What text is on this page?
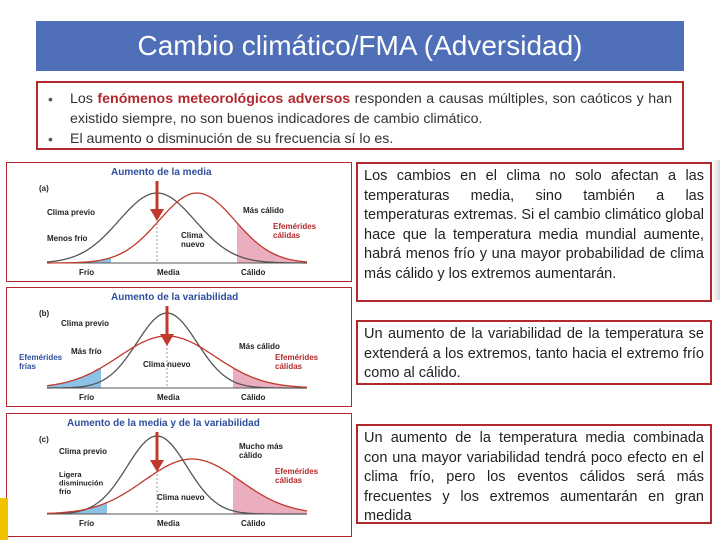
Cambio climático/FMA (Adversidad)
• Los fenómenos meteorológicos adversos responden a causas múltiples, son caóticos y han existido siempre, no son buenos indicadores de cambio climático.
• El aumento o disminución de su frecuencia sí lo es.
Aumento de la media
(a)
Frío	Media	Cálido
Clima previo
Menos frío	Clima nuevo
Más cálido
Efemérides cálidas
Aumento de la variabilidad
(b)
Frío	Media	Cálido
Clima previo
Efemérides frías
Más frío
Clima nuevo
Más cálido
Efemérides cálidas
Aumento de la media y de la variabilidad
(c)
Frío	Media	Cálido
Clima previo
Ligera disminución frío
Clima nuevo
Mucho más cálido
Efemérides cálidas
Los cambios en el clima no solo afectan a las temperaturas media, sino también a las temperaturas extremas. Si el cambio climático global hace que la temperatura media mundial aumente, habrá menos frío y una mayor probabilidad de clima más cálido y los extremos aumentarán.
Un aumento de la variabilidad de la temperatura se extenderá a los extremos, tanto hacia el extremo frío como al cálido.
Un aumento de la temperatura media combinada con una mayor variabilidad tendrá poco efecto en el clima frío, pero los eventos cálidos será más frecuentes y los extremos aumentarán en gran medida
